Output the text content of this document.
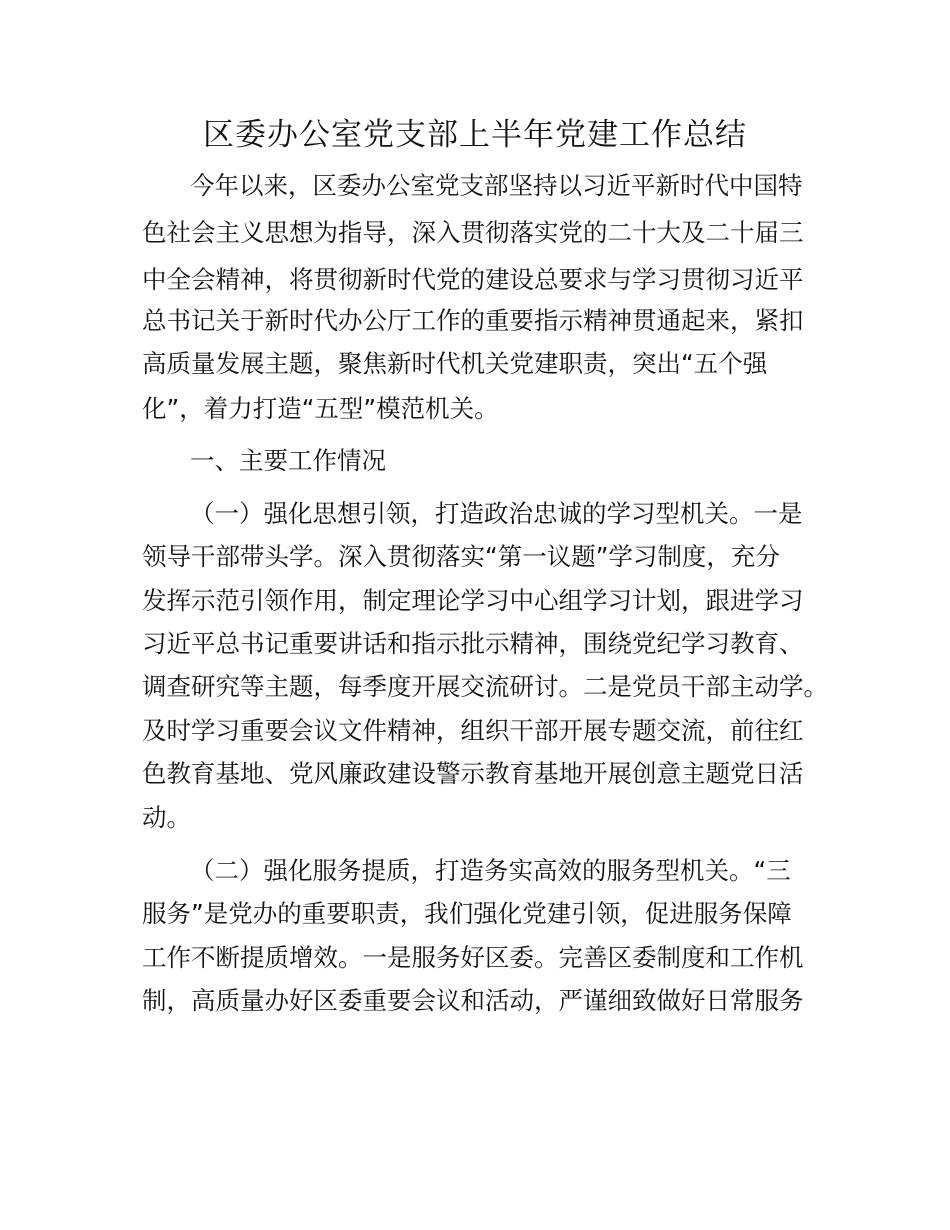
区委办公室党支部上半年党建工作总结
今年以来，区委办公室党支部坚持以习近平新时代中国特
色社会主义思想为指导，深入贯彻落实党的二十大及二十届三
中全会精神，将贯彻新时代党的建设总要求与学习贯彻习近平
总书记关于新时代办公厅工作的重要指示精神贯通起来，紧扣
高质量发展主题，聚焦新时代机关党建职责，突出“五个强
化”，着力打造“五型”模范机关。
一、主要工作情况
（一）强化思想引领，打造政治忠诚的学习型机关。一是
领导干部带头学。深入贯彻落实“第一议题”学习制度，充分
发挥示范引领作用，制定理论学习中心组学习计划，跟进学习
习近平总书记重要讲话和指示批示精神，围绕党纪学习教育、
调查研究等主题，每季度开展交流研讨。二是党员干部主动学。
及时学习重要会议文件精神，组织干部开展专题交流，前往红
色教育基地、党风廉政建设警示教育基地开展创意主题党日活
动。
（二）强化服务提质，打造务实高效的服务型机关。“三
服务”是党办的重要职责，我们强化党建引领，促进服务保障
工作不断提质增效。一是服务好区委。完善区委制度和工作机
制，高质量办好区委重要会议和活动，严谨细致做好日常服务
